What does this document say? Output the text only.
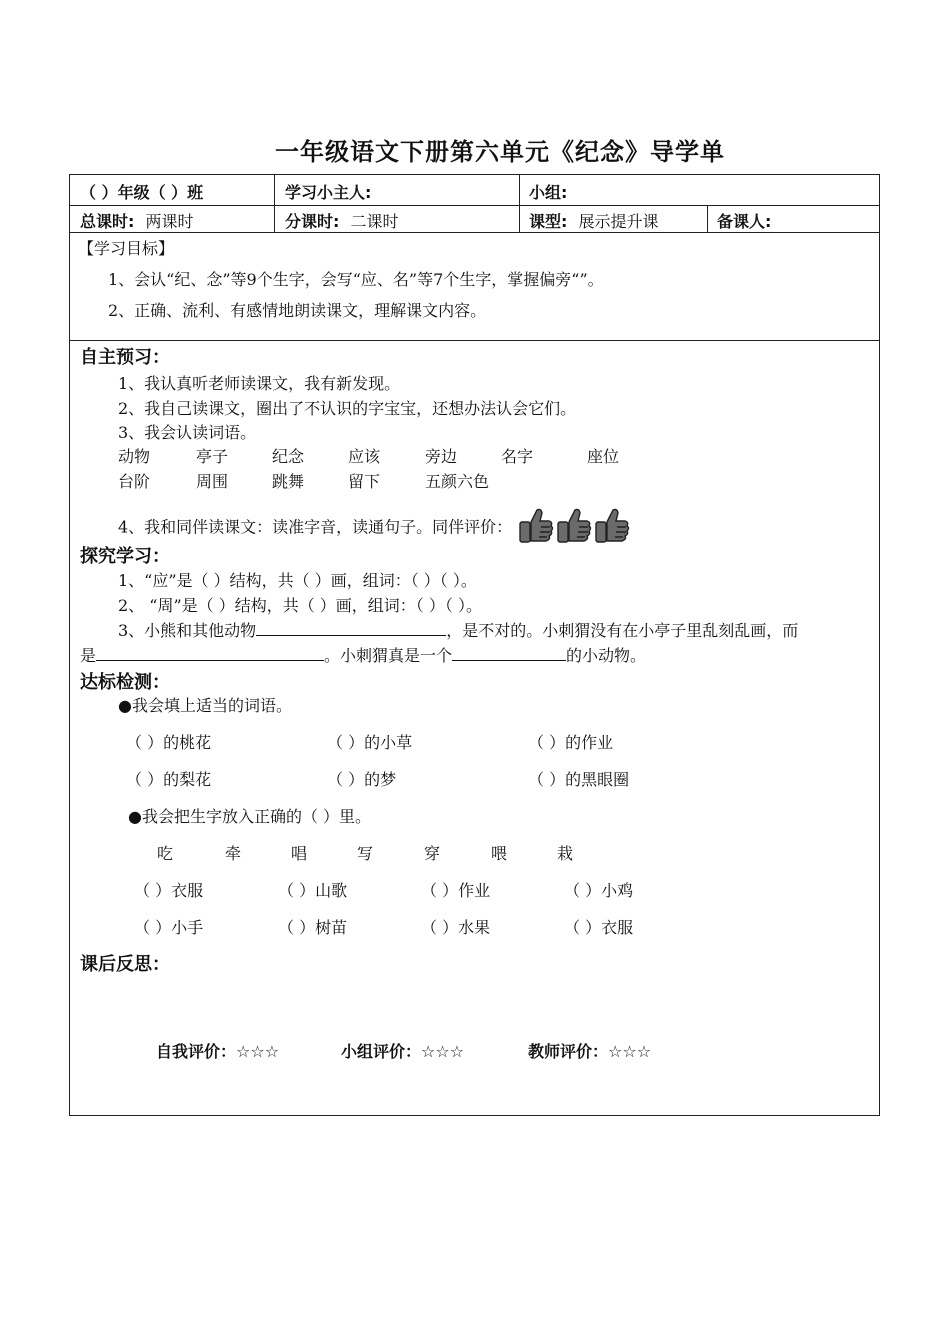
一年级语文下册第六单元《纪念》导学单
（ ）年级（ ）班	学习小主人:	小组:
总课时: 两课时	分课时: 二课时	课型: 展示提升课	备课人:
【学习目标】
1、会认“纪、念”等9个生字，会写“应、名”等7个生字，掌握偏旁“”。
2、正确、流利、有感情地朗读课文，理解课文内容。
自主预习：
1、我认真听老师读课文，我有新发现。
2、我自己读课文，圈出了不认识的字宝宝，还想办法认会它们。
3、我会认读词语。
动物	亭子	纪念	应该	旁边	名字	座位
台阶	周围	跳舞	留下	五颜六色
4、我和同伴读课文：读准字音，读通句子。同伴评价：
探究学习：
1、“应”是（ ）结构，共（ ）画，组词：（ ）（ ）。
2、 “周”是（ ）结构，共（ ）画，组词：（ ）（ ）。
3、小熊和其他动物	，是不对的。小刺猬没有在小亭子里乱刻乱画，而
是	。小刺猬真是一个	的小动物。
达标检测：
●我会填上适当的词语。
（ ）的桃花	（ ）的小草	（ ）的作业
（ ）的梨花	（ ）的梦	（ ）的黑眼圈
●我会把生字放入正确的（ ）里。
吃	牵	唱	写	穿	喂	栽
（ ）衣服	（ ）山歌	（ ）作业	（ ）小鸡
（ ）小手	（ ）树苗	（ ）水果	（ ）衣服
课后反思：
自我评价：☆☆☆	小组评价：☆☆☆	教师评价：☆☆☆
